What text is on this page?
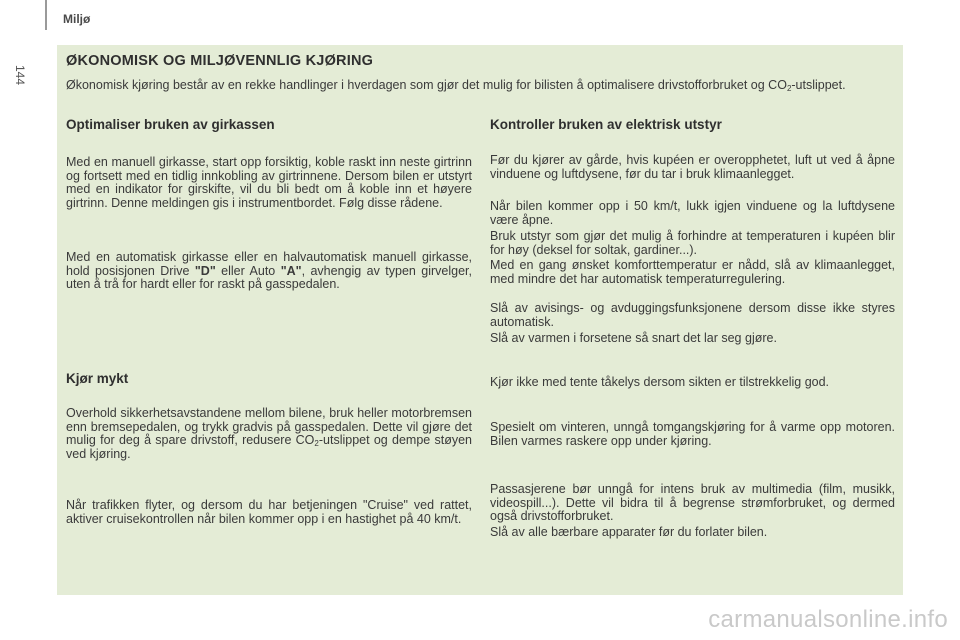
144
Miljø
ØKONOMISK OG MILJØVENNLIG KJØRING

Økonomisk kjøring består av en rekke handlinger i hverdagen som gjør det mulig for bilisten å optimalisere drivstofforbruket og $CO_2$-utslippet.

Optimaliser bruken av girkassen

Med en manuell girkasse, start opp forsiktig, koble raskt inn neste girtrinn og fortsett med en tidlig innkobling av girtrinnene. Dersom bilen er utstyrt med en indikator for girskifte, vil du bli bedt om å koble inn et høyere girtrinn. Denne meldingen gis i instrumentbordet. Følg disse rådene.

Med en automatisk girkasse eller en halvautomatisk manuell girkasse, hold posisjonen Drive "D" eller Auto "A", avhengig av typen girvelger, uten å trå for hardt eller for raskt på gasspedalen.

Kjør mykt

Overhold sikkerhetsavstandene mellom bilene, bruk heller motorbremsen enn bremsepedalen, og trykk gradvis på gasspedalen. Dette vil gjøre det mulig for deg å spare drivstoff, redusere $CO_2$-utslippet og dempe støyen ved kjøring.

Når trafikken flyter, og dersom du har betjeningen "Cruise" ved rattet, aktiver cruisekontrollen når bilen kommer opp i en hastighet på 40 km/t.

Kontroller bruken av elektrisk utstyr

Før du kjører av gårde, hvis kupéen er overopphetet, luft ut ved å åpne vinduene og luftdysene, før du tar i bruk klimaanlegget.

Når bilen kommer opp i 50 km/t, lukk igjen vinduene og la luftdysene være åpne.

Bruk utstyr som gjør det mulig å forhindre at temperaturen i kupéen blir for høy (deksel for soltak, gardiner...).

Med en gang ønsket komforttemperatur er nådd, slå av klimaanlegget, med mindre det har automatisk temperaturregulering.

Slå av avisings- og avduggingsfunksjonene dersom disse ikke styres automatisk.

Slå av varmen i forsetene så snart det lar seg gjøre.

Kjør ikke med tente tåkelys dersom sikten er tilstrekkelig god.

Spesielt om vinteren, unngå tomgangskjøring for å varme opp motoren. Bilen varmes raskere opp under kjøring.

Passasjerene bør unngå for intens bruk av multimedia (film, musikk, videospill...). Dette vil bidra til å begrense strømforbruket, og dermed også drivstofforbruket.

Slå av alle bærbare apparater før du forlater bilen.

carmanualsonline.info
